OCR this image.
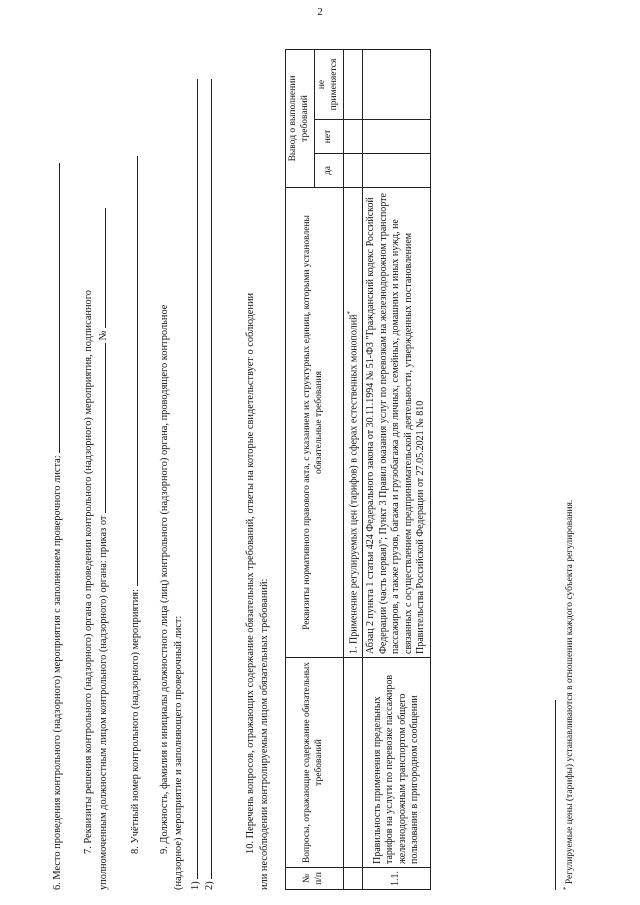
2
6. Место проведения контрольного (надзорного) мероприятия с заполнением проверочного листа: 7. Реквизиты решения контрольного (надзорного) органа о проведении контрольного (надзорного) мероприятия, подписанного уполномоченным должностным лицом контрольного (надзорного) органа: приказ от  №
8. Учётный номер контрольного (надзорного) мероприятия: 9. Должность, фамилия и инициалы должностного лица (лиц) контрольного (надзорного) органа, проводящего контрольное (надзорное) мероприятие и заполняющего проверочный лист: 1) 2)
10. Перечень вопросов, отражающих содержание обязательных требований, ответы на которые свидетельствует о соблюдении или несоблюдении контролируемым лицом обязательных требований:	№ п/п	Вопросы, отражающие содержание обязательных требований	Реквизиты нормативного правового акта, с указанием их структурных единиц, которыми установлены обязательные требования	Вывод о выполнении требований		
			да	нет	не применяется
		1. Применение регулируемых цен (тарифов) в сферах естественных монополий*			
1.1.	Правильность применения предельных тарифов на услуги по перевозке пассажиров железнодорожным транспортом общего пользования в пригородном сообщении	Абзац 2 пункта 1 статьи 424 Федерального закона от 30.11.1994 № 51-ФЗ "Гражданский кодекс Российской Федерации (часть первая)"; Пункт 3 Правил оказания услуг по перевозкам на железнодорожном транспорте пассажиров, а также грузов, багажа и грузобагажа для личных, семейных, домашних и иных нужд, не связанных с осуществлением предпринимательской деятельности, утвержденных постановлением Правительства Российской Федерации от 27.05.2021 № 810			
* Регулируемые цены (тарифы) устанавливаются в отношении каждого субъекта регулирования.
